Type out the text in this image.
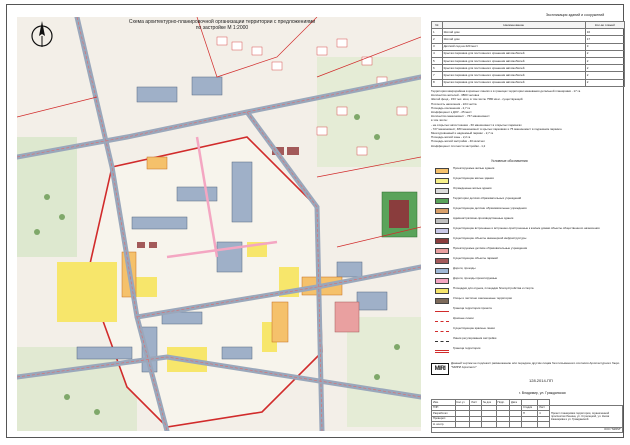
Схема архитектурно-планировочной организации территории с предложениями по застройке М 1:2000
Экспликация зданий и сооружений
№	Наименование	Кол-во этажей
1	Жилой дом	16
2	Жилой дом	17
3	Детский сад на 220 мест	3
4	Крытая парковка для постоянного хранения автомобилей	2
5	Крытая парковка для постоянного хранения автомобилей	2
6	Крытая парковка для постоянного хранения автомобилей	2
7	Крытая парковка для постоянного хранения автомобилей	2
8	Крытая парковка для постоянного хранения автомобилей	2
Территория микрорайона в красных линиях и в границах территории межевания детальной планировки - 17 га
Количество жителей - 3800 человек
Жилой фонд - 153 тыс. кв.м, в том числе 7580 кв.м - существующий
Плотность населения - 224 чел/га
Площадь озеленения - 2,7 га
Коэффициент к ДОУ - 25 мест
Количество машиномест - 767 машиномест
в том числе:
- на открытых автостоянках - 60 машиномест в открытых паркингах
- 727 машиномест, 480 машиномест в крытых парковках и 75 машиномест в подземном паркинге
Многоуровневый и надземный паркинг - 2,7 га
Площадь жилой зоны - 2,2 га
Площадь жилой застройки - 40 кв.м/чел
Коэффициент плотности застройки - 1,2
Условные обозначения
Проектируемые жилые здания
Существующие жилые здания
Огражденные жилые здания
Территории детских образовательных учреждений
Существующие детские образовательные учреждения
Административно-производственные здания
Существующие встроенные и встроенно-пристроенные к жилым домам объекты общественного назначения
Существующие объекты инженерной инфраструктуры
Проектируемые детские образовательные учреждения
Существующие объекты гаражей
Дороги, проезды
Дороги, проезды проектируемые
Площадки для отдыха, площадки благоустройства и спорта
Улицы и частично озелененные территории
Граница территории проекта
Красные линии
Существующие красные линии
Линии регулирования застройки
Граница территории
MIRI
Данный чертеж не подлежит размножению или передаче другим лицам без письменного согласия Архитектурного бюро "МИРИ Архитектс"
128.2014-ПП
г. Владимир, ул. Гражданская
Изм.	Кол.уч	Лист	№ док	Подп.	Дата			
ГИП						Стадия	Лист	Проект планировки территории, ограниченной проспектом Ленина, ул. Стрелецкой, ул. Князя Кашкарова и ул. Гражданской
Разработал						П	4	
Проверил								
Н. контр.								
ООО "МИРИ"								
